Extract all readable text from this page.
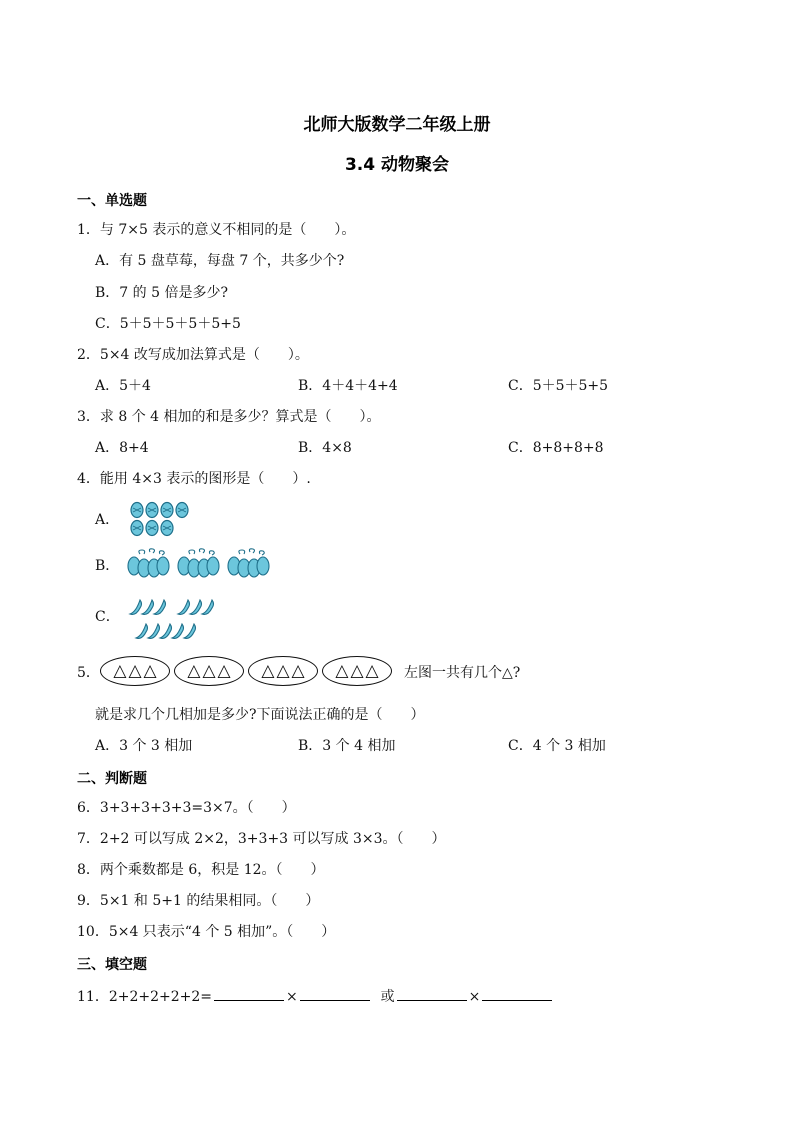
北师大版数学二年级上册
3.4 动物聚会
一、单选题
1．与 7×5 表示的意义不相同的是（　　）。
A．有 5 盘草莓，每盘 7 个，共多少个?
B．7 的 5 倍是多少?
C．5＋5＋5＋5＋5+5
2．5×4 改写成加法算式是（　　）。
A．5＋4	B．4＋4＋4+4	C．5＋5＋5+5
3．求 8 个 4 相加的和是多少？算式是（　　）。
A．8+4	B．4×8	C．8+8+8+8
4．能用 4×3 表示的图形是（　　）.
A．
B．
C．
5． △ △ △ △ △ △ △ △ △ △ △ △ 左图一共有几个△?
就是求几个几相加是多少?下面说法正确的是（　　）
A．3 个 3 相加	B．3 个 4 相加	C．4 个 3 相加
二、判断题
6．3+3+3+3+3=3×7。（　　）
7．2+2 可以写成 2×2，3+3+3 可以写成 3×3。（　　）
8．两个乘数都是 6，积是 12。（　　）
9．5×1 和 5+1 的结果相同。（　　）
10．5×4 只表示“4 个 5 相加”。（　　）
三、填空题
11．2+2+2+2+2=	×	或	×
